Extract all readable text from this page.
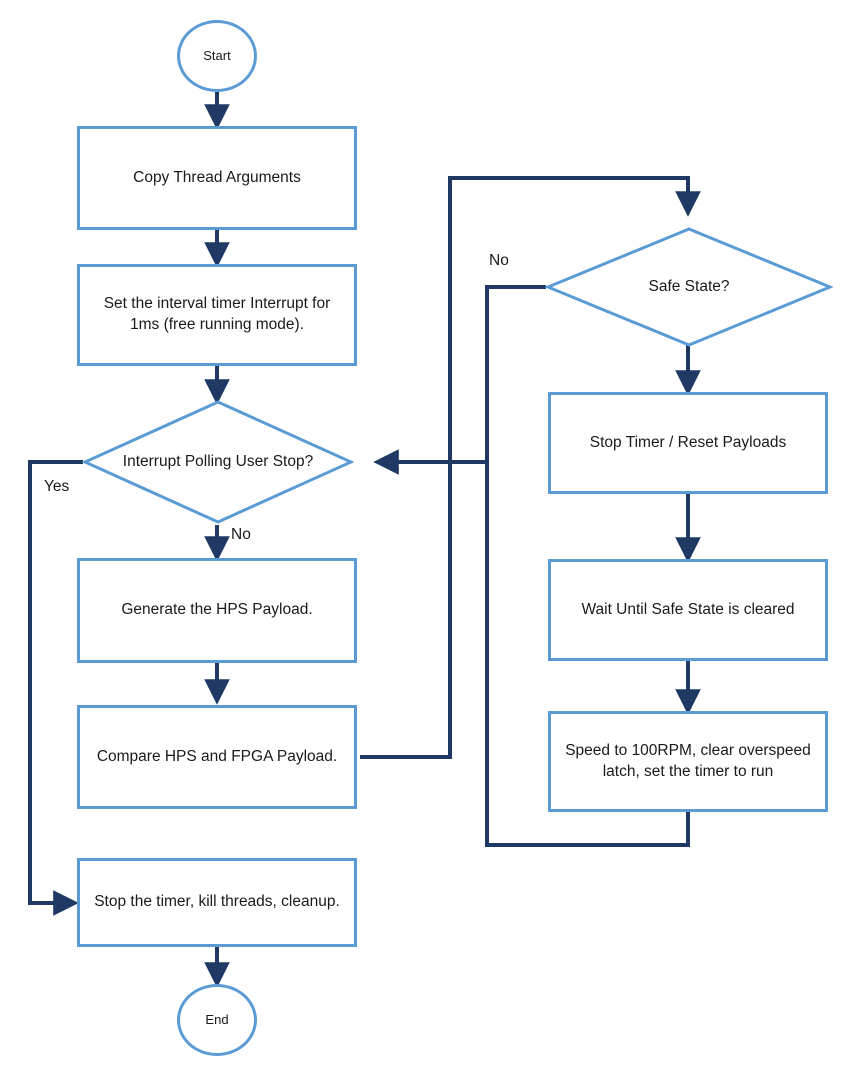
Start
Copy Thread Arguments
Set the interval timer Interrupt for 1ms (free running mode).
Interrupt Polling User Stop?
Generate the HPS Payload.
Compare HPS and FPGA Payload.
Stop the timer, kill threads, cleanup.
End
Safe State?
Stop Timer / Reset Payloads
Wait Until Safe State is cleared
Speed to 100RPM, clear overspeed latch, set the timer to run
No
Yes
No
